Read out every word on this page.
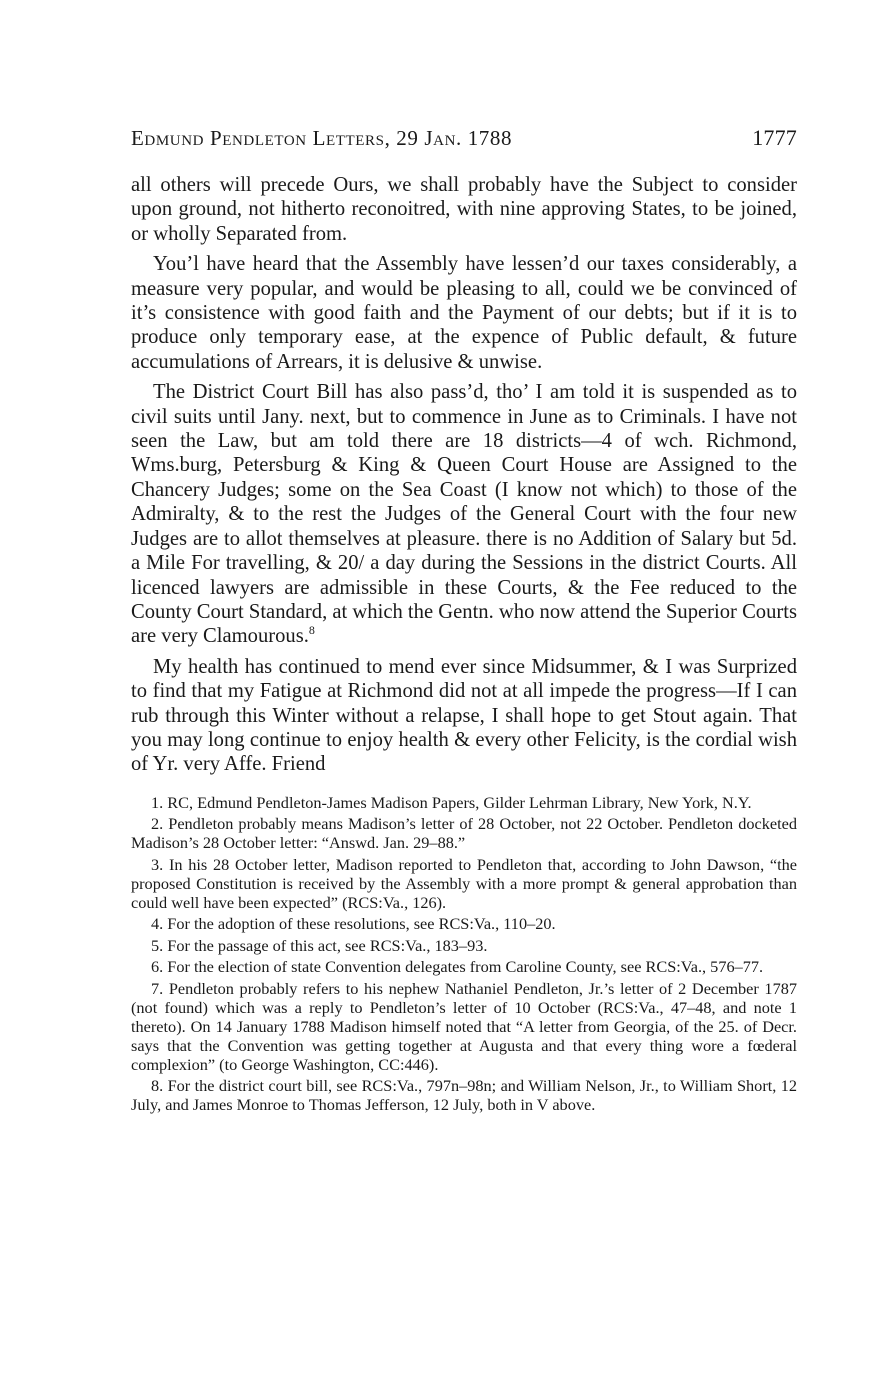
Edmund Pendleton Letters, 29 Jan. 1788	1777

all others will precede Ours, we shall probably have the Subject to consider upon ground, not hitherto reconoitred, with nine approving States, to be joined, or wholly Separated from.

You’l have heard that the Assembly have lessen’d our taxes considerably, a measure very popular, and would be pleasing to all, could we be convinced of it’s consistence with good faith and the Payment of our debts; but if it is to produce only temporary ease, at the expence of Public default, & future accumulations of Arrears, it is delusive & unwise.

The District Court Bill has also pass’d, tho’ I am told it is suspended as to civil suits until Jany. next, but to commence in June as to Criminals. I have not seen the Law, but am told there are 18 districts—4 of wch. Richmond, Wms.burg, Petersburg & King & Queen Court House are Assigned to the Chancery Judges; some on the Sea Coast (I know not which) to those of the Admiralty, & to the rest the Judges of the General Court with the four new Judges are to allot themselves at pleasure. there is no Addition of Salary but 5d. a Mile For travelling, & 20/ a day during the Sessions in the district Courts. All licenced lawyers are admissible in these Courts, & the Fee reduced to the County Court Standard, at which the Gentn. who now attend the Superior Courts are very Clamourous.$^8$

My health has continued to mend ever since Midsummer, & I was Surprized to find that my Fatigue at Richmond did not at all impede the progress—If I can rub through this Winter without a relapse, I shall hope to get Stout again. That you may long continue to enjoy health & every other Felicity, is the cordial wish of Yr. very Affe. Friend

1. RC, Edmund Pendleton-James Madison Papers, Gilder Lehrman Library, New York, N.Y.

2. Pendleton probably means Madison’s letter of 28 October, not 22 October. Pendleton docketed Madison’s 28 October letter: “Answd. Jan. 29–88.”

3. In his 28 October letter, Madison reported to Pendleton that, according to John Dawson, “the proposed Constitution is received by the Assembly with a more prompt & general approbation than could well have been expected” (RCS:Va., 126).

4. For the adoption of these resolutions, see RCS:Va., 110–20.

5. For the passage of this act, see RCS:Va., 183–93.

6. For the election of state Convention delegates from Caroline County, see RCS:Va., 576–77.

7. Pendleton probably refers to his nephew Nathaniel Pendleton, Jr.’s letter of 2 December 1787 (not found) which was a reply to Pendleton’s letter of 10 October (RCS:Va., 47–48, and note 1 thereto). On 14 January 1788 Madison himself noted that “A letter from Georgia, of the 25. of Decr. says that the Convention was getting together at Augusta and that every thing wore a fœderal complexion” (to George Washington, CC:446).

8. For the district court bill, see RCS:Va., 797n–98n; and William Nelson, Jr., to William Short, 12 July, and James Monroe to Thomas Jefferson, 12 July, both in V above.
